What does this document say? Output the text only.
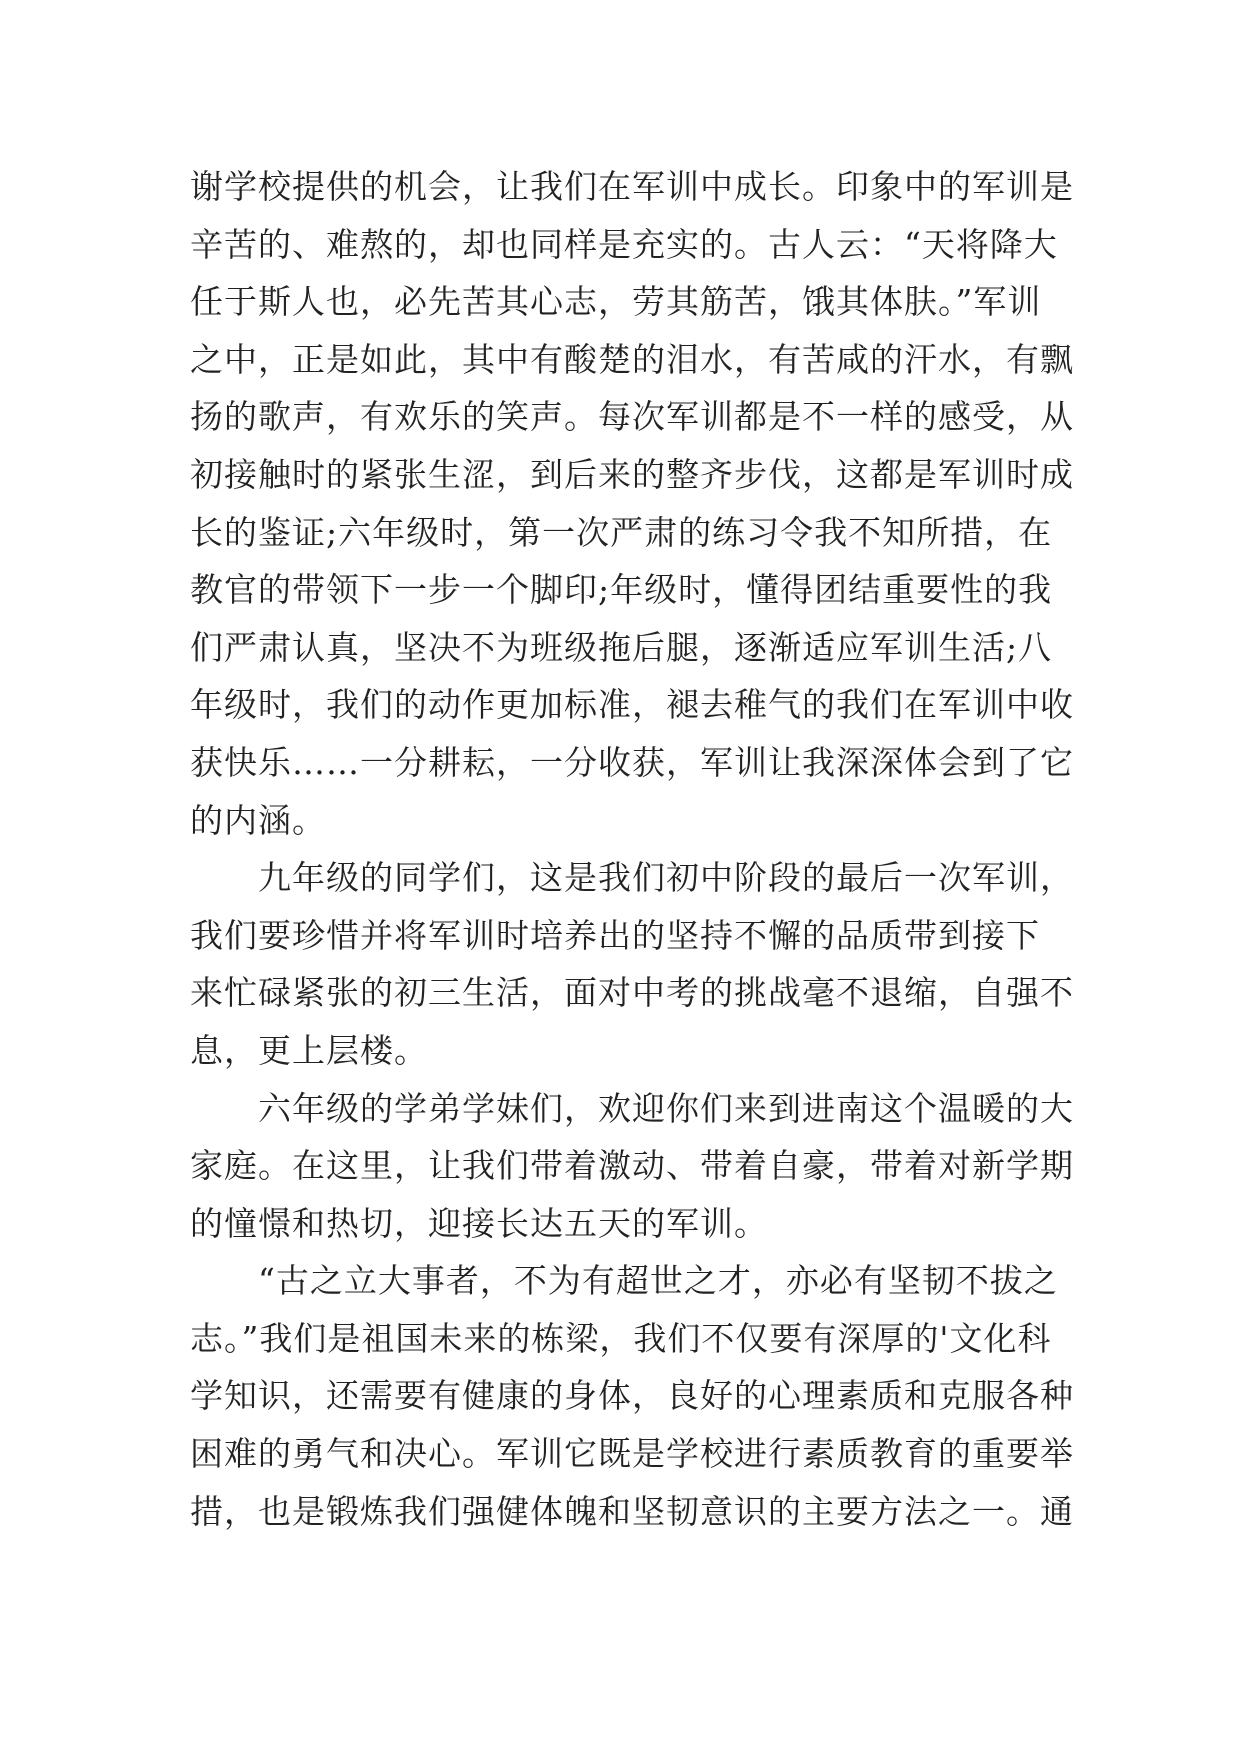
谢学校提供的机会，让我们在军训中成长。印象中的军训是
辛苦的、难熬的，却也同样是充实的。古人云：“天将降大
任于斯人也，必先苦其心志，劳其筋苦，饿其体肤。”军训
之中，正是如此，其中有酸楚的泪水，有苦咸的汗水，有飘
扬的歌声，有欢乐的笑声。每次军训都是不一样的感受，从
初接触时的紧张生涩，到后来的整齐步伐，这都是军训时成
长的鉴证;六年级时，第一次严肃的练习令我不知所措，在
教官的带领下一步一个脚印;年级时，懂得团结重要性的我
们严肃认真，坚决不为班级拖后腿，逐渐适应军训生活;八
年级时，我们的动作更加标准，褪去稚气的我们在军训中收
获快乐……一分耕耘，一分收获，军训让我深深体会到了它
的内涵。
　　九年级的同学们，这是我们初中阶段的最后一次军训，
我们要珍惜并将军训时培养出的坚持不懈的品质带到接下
来忙碌紧张的初三生活，面对中考的挑战毫不退缩，自强不
息，更上层楼。
　　六年级的学弟学妹们，欢迎你们来到进南这个温暖的大
家庭。在这里，让我们带着激动、带着自豪，带着对新学期
的憧憬和热切，迎接长达五天的军训。
　　“古之立大事者，不为有超世之才，亦必有坚韧不拔之
志。”我们是祖国未来的栋梁，我们不仅要有深厚的'文化科
学知识，还需要有健康的身体，良好的心理素质和克服各种
困难的勇气和决心。军训它既是学校进行素质教育的重要举
措，也是锻炼我们强健体魄和坚韧意识的主要方法之一。通
